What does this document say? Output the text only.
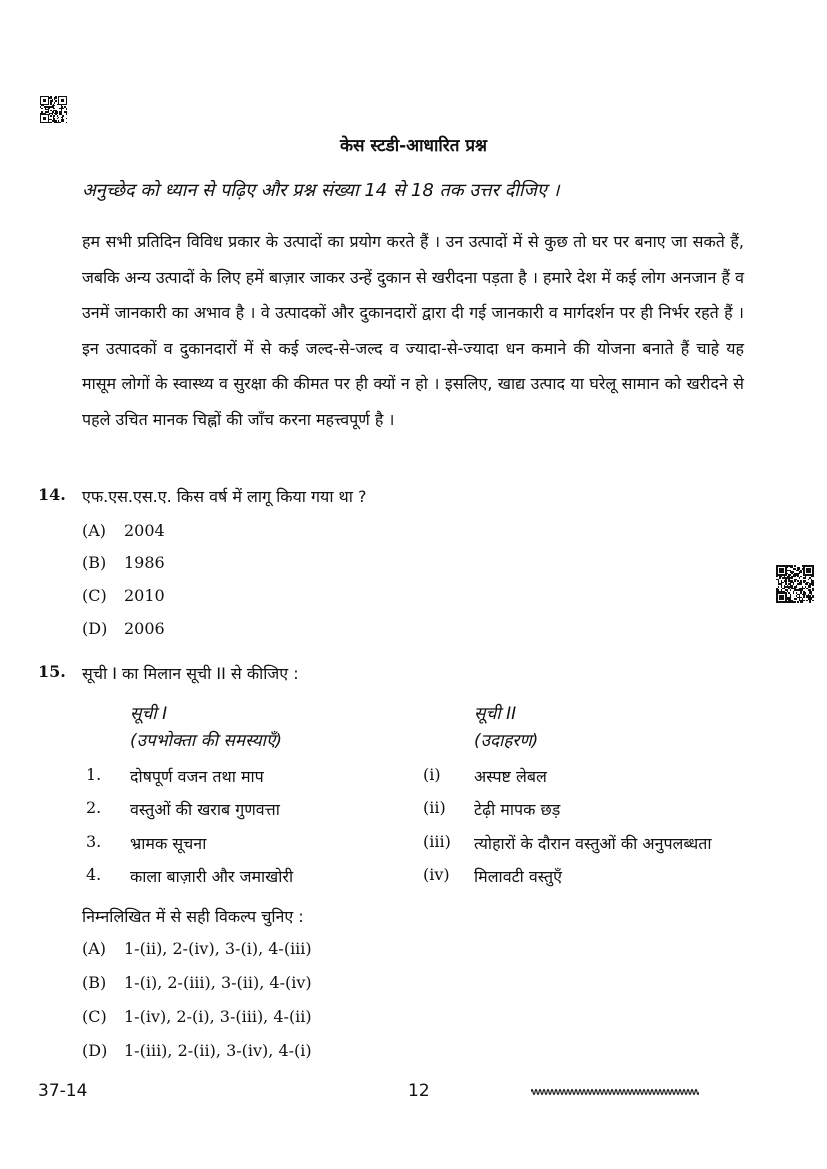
केस स्टडी-आधारित प्रश्न
अनुच्छेद को ध्यान से पढ़िए और प्रश्न संख्या 14 से 18 तक उत्तर दीजिए ।
हम सभी प्रतिदिन विविध प्रकार के उत्पादों का प्रयोग करते हैं । उन उत्पादों में से कुछ तो घर पर बनाए जा सकते हैं, जबकि अन्य उत्पादों के लिए हमें बाज़ार जाकर उन्हें दुकान से खरीदना पड़ता है । हमारे देश में कई लोग अनजान हैं व उनमें जानकारी का अभाव है । वे उत्पादकों और दुकानदारों द्वारा दी गई जानकारी व मार्गदर्शन पर ही निर्भर रहते हैं । इन उत्पादकों व दुकानदारों में से कई जल्द-से-जल्द व ज्यादा-से-ज्यादा धन कमाने की योजना बनाते हैं चाहे यह मासूम लोगों के स्वास्थ्य व सुरक्षा की कीमत पर ही क्यों न हो । इसलिए, खाद्य उत्पाद या घरेलू सामान को खरीदने से पहले उचित मानक चिह्नों की जाँच करना महत्त्वपूर्ण है ।
14. एफ.एस.एस.ए. किस वर्ष में लागू किया गया था ?
(A) 2004
(B) 1986
(C) 2010
(D) 2006
15. सूची I का मिलान सूची II से कीजिए :
सूची I
(उपभोक्ता की समस्याएँ)
सूची II
(उदाहरण)
1. दोषपूर्ण वजन तथा माप	(i) अस्पष्ट लेबल
2. वस्तुओं की खराब गुणवत्ता	(ii) टेढ़ी मापक छड़
3. भ्रामक सूचना	(iii) त्योहारों के दौरान वस्तुओं की अनुपलब्धता
4. काला बाज़ारी और जमाखोरी	(iv) मिलावटी वस्तुएँ
निम्नलिखित में से सही विकल्प चुनिए :
(A) 1-(ii), 2-(iv), 3-(i), 4-(iii)
(B) 1-(i), 2-(iii), 3-(ii), 4-(iv)
(C) 1-(iv), 2-(i), 3-(iii), 4-(ii)
(D) 1-(iii), 2-(ii), 3-(iv), 4-(i)
37-14	12
